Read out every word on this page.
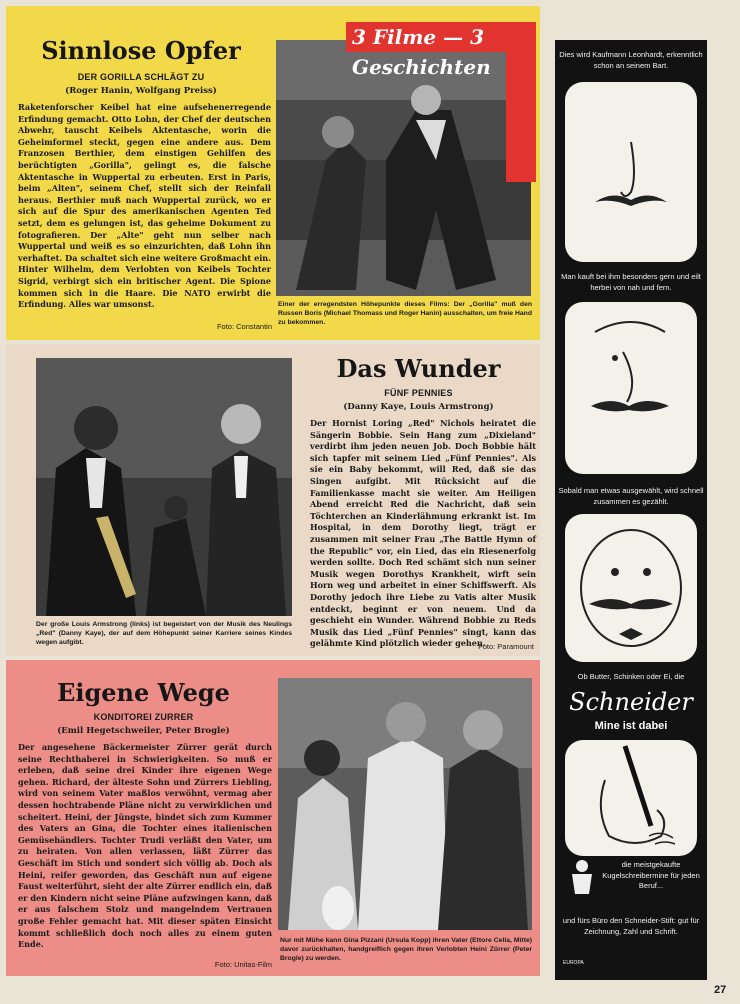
Sinnlose Opfer
DER GORILLA SCHLÄGT ZU
(Roger Hanin, Wolfgang Preiss)
Raketenforscher Keibel hat eine aufsehenerregende Erfindung gemacht. Otto Lohn, der Chef der deutschen Abwehr, tauscht Keibels Aktentasche, worin die Geheimformel steckt, gegen eine andere aus. Dem Franzosen Berthier, dem einstigen Gehilfen des berüchtigten „Gorilla", gelingt es, die falsche Aktentasche in Wuppertal zu erbeuten. Erst in Paris, beim „Alten", seinem Chef, stellt sich der Reinfall heraus. Berthier muß nach Wuppertal zurück, wo er sich auf die Spur des amerikanischen Agenten Ted setzt, dem es gelungen ist, das geheime Dokument zu fotografieren. Der „Alte" geht nun selber nach Wuppertal und weiß es so einzurichten, daß Lohn ihn verhaftet. Da schaltet sich eine weitere Großmacht ein. Hinter Wilhelm, dem Verlobten von Keibels Tochter Sigrid, verbirgt sich ein britischer Agent. Die Spione kommen sich in die Haare. Die NATO erwirbt die Erfindung. Alles war umsonst.
Foto: Constantin
3 Filme — 3 Geschichten
Einer der erregendsten Höhepunkte dieses Films: Der „Gorilla" muß den Russen Boris (Michael Thomass und Roger Hanin) ausschalten, um freie Hand zu bekommen.
Der große Louis Armstrong (links) ist begeistert von der Musik des Neulings „Red" (Danny Kaye), der auf dem Höhepunkt seiner Karriere seines Kindes wegen aufgibt.
Das Wunder
FÜNF PENNIES
(Danny Kaye, Louis Armstrong)
Der Hornist Loring „Red" Nichols heiratet die Sängerin Bobbie. Sein Hang zum „Dixieland" verdirbt ihm jeden neuen Job. Doch Bobbie hält sich tapfer mit seinem Lied „Fünf Pennies". Als sie ein Baby bekommt, will Red, daß sie das Singen aufgibt. Mit Rücksicht auf die Familienkasse macht sie weiter. Am Heiligen Abend erreicht Red die Nachricht, daß sein Töchterchen an Kinderlähmung erkrankt ist. Im Hospital, in dem Dorothy liegt, trägt er zusammen mit seiner Frau „The Battle Hymn of the Republic" vor, ein Lied, das ein Riesenerfolg werden sollte. Doch Red schämt sich nun seiner Musik wegen Dorothys Krankheit, wirft sein Horn weg und arbeitet in einer Schiffswerft. Als Dorothy jedoch ihre Liebe zu Vatis alter Musik entdeckt, beginnt er von neuem. Und da geschieht ein Wunder. Während Bobbie zu Reds Musik das Lied „Fünf Pennies" singt, kann das gelähmte Kind plötzlich wieder gehen.
Foto: Paramount
Eigene Wege
KONDITOREI ZURRER
(Emil Hegetschweiler, Peter Brogle)
Der angesehene Bäckermeister Zürrer gerät durch seine Rechthaberei in Schwierigkeiten. So muß er erleben, daß seine drei Kinder ihre eigenen Wege gehen. Richard, der älteste Sohn und Zürrers Liebling, wird von seinem Vater maßlos verwöhnt, vermag aber dessen hochtrabende Pläne nicht zu verwirklichen und scheitert. Heini, der Jüngste, bindet sich zum Kummer des Vaters an Gina, die Tochter eines italienischen Gemüsehändlers. Tochter Trudi verläßt den Vater, um zu heiraten. Von allen verlassen, läßt Zürrer das Geschäft im Stich und sondert sich völlig ab. Doch als Heini, reifer geworden, das Geschäft nun auf eigene Faust weiterführt, sieht der alte Zürrer endlich ein, daß er den Kindern nicht seine Pläne aufzwingen kann, daß er aus falschem Stolz und mangelndem Vertrauen große Fehler gemacht hat. Mit dieser späten Einsicht kommt schließlich doch noch alles zu einem guten Ende.
Foto: Unitas-Film
Nur mit Mühe kann Gina Pizzani (Ursula Kopp) ihren Vater (Ettore Cella, Mitte) davor zurückhalten, handgreiflich gegen ihren Verlobten Heini Zürrer (Peter Brogle) zu werden.
Dies wird Kaufmann Leonhardt, erkenntlich schon an seinem Bart.
Man kauft bei ihm besonders gern und eilt herbei von nah und fern.
Sobald man etwas ausgewählt, wird schnell zusammen es gezählt.
Ob Butter, Schinken oder Ei, die
Schneider
Mine ist dabei
die meistgekaufte Kugelschreibermine für jeden Beruf...
und fürs Büro den Schneider-Stift: gut für Zeichnung, Zahl und Schrift.
EUROPA
27
